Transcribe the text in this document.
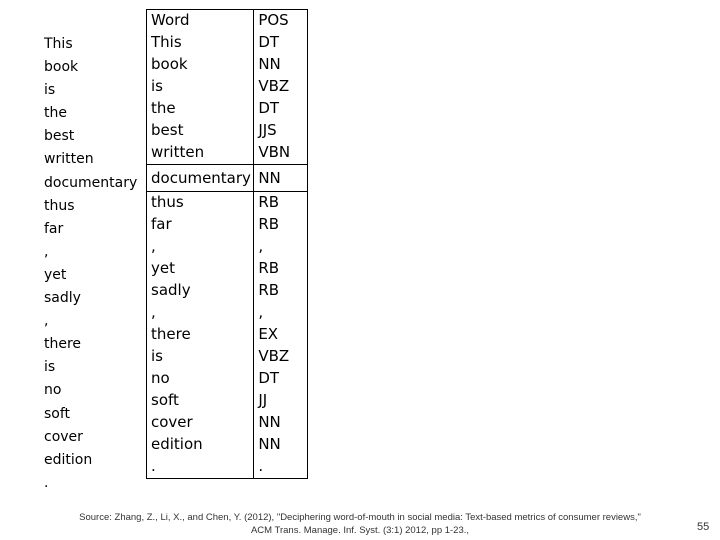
This
book
is
the
best
written
documentary
thus
far
,
yet
sadly
,
there
is
no
soft
cover
edition
.
Word	POS
This	DT
book	NN
is	VBZ
the	DT
best	JJS
written	VBN
documentary	NN
thus	RB
far	RB
,	,
yet	RB
sadly	RB
,	,
there	EX
is	VBZ
no	DT
soft	JJ
cover	NN
edition	NN
.	.
Source: Zhang, Z., Li, X., and Chen, Y. (2012), "Deciphering word-of-mouth in social media: Text-based metrics of consumer reviews,"
ACM Trans. Manage. Inf. Syst. (3:1) 2012, pp 1-23.,	55
